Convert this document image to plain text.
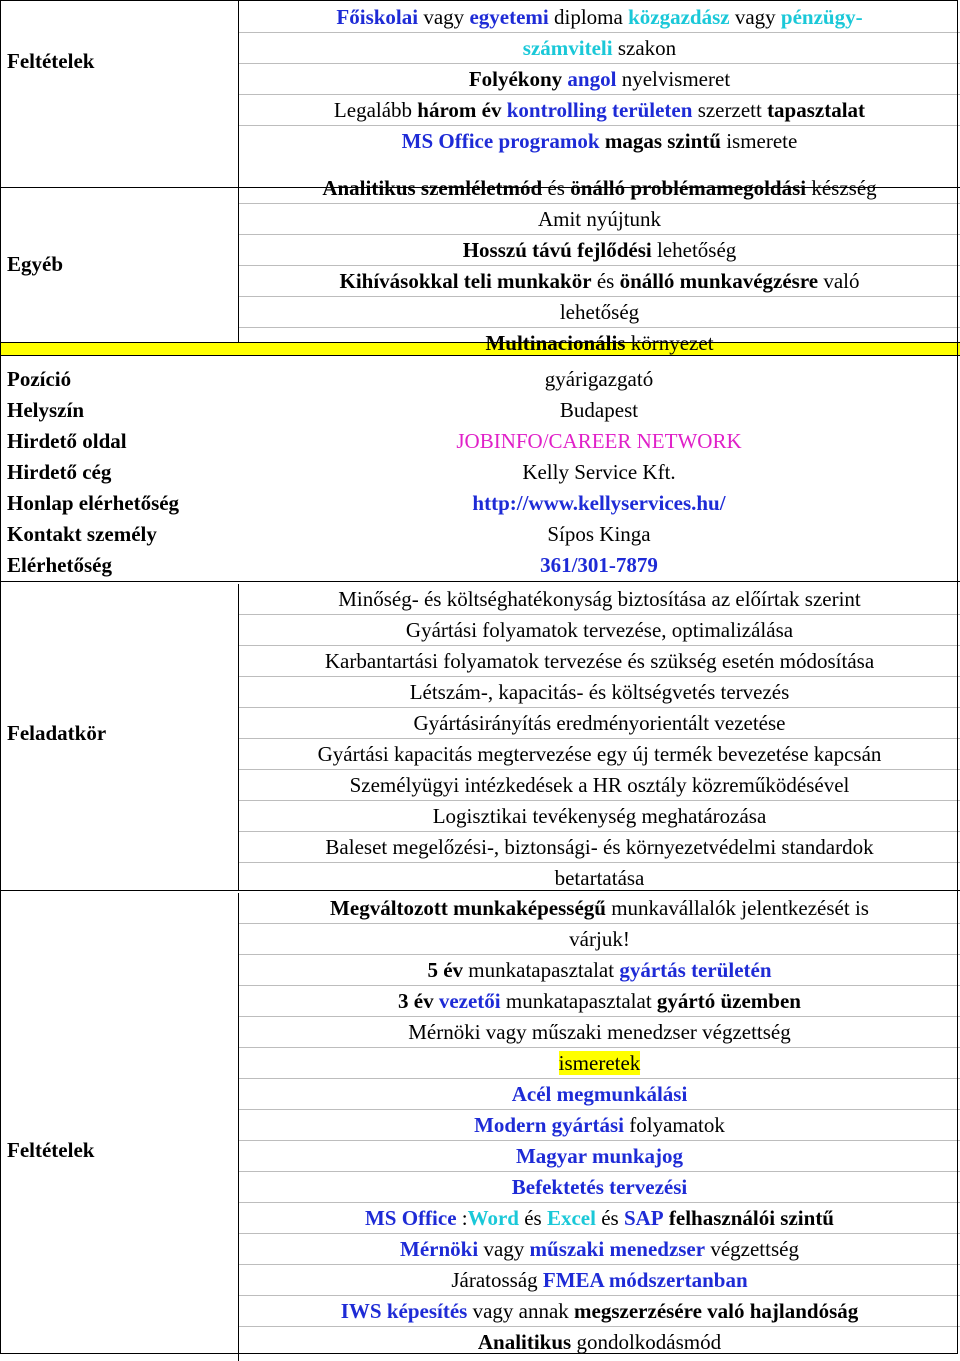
Feltételek
Főiskolai vagy egyetemi diploma közgazdász vagy pénzügy-
számviteli szakon
Folyékony angol nyelvismeret
Legalább három év kontrolling területen szerzett tapasztalat
MS Office programok magas szintű ismerete
Egyéb
Analitikus szemléletmód és önálló problémamegoldási készség
Amit nyújtunk
Hosszú távú fejlődési lehetőség
Kihívásokkal teli munkakör és önálló munkavégzésre való
lehetőség
Multinacionális környezet
Pozíció	gyárigazgató
Helyszín	Budapest
Hirdető oldal	JOBINFO/CAREER NETWORK
Hirdető cég	Kelly Service Kft.
Honlap elérhetőség	http://www.kellyservices.hu/
Kontakt személy	Sípos Kinga
Elérhetőség	361/301-7879
Feladatkör
Minőség- és költséghatékonyság biztosítása az előírtak szerint
Gyártási folyamatok tervezése, optimalizálása
Karbantartási folyamatok tervezése és szükség esetén módosítása
Létszám-, kapacitás- és költségvetés tervezés
Gyártásirányítás eredményorientált vezetése
Gyártási kapacitás megtervezése egy új termék bevezetése kapcsán
Személyügyi intézkedések a HR osztály közreműködésével
Logisztikai tevékenység meghatározása
Baleset megelőzési-, biztonsági- és környezetvédelmi standardok
betartatása
Feltételek
Megváltozott munkaképességű munkavállalók jelentkezését is
várjuk!
5 év munkatapasztalat gyártás területén
3 év vezetői munkatapasztalat gyártó üzemben
Mérnöki vagy műszaki menedzser végzettség
ismeretek
Acél megmunkálási
Modern gyártási folyamatok
Magyar munkajog
Befektetés tervezési
MS Office :Word és Excel és SAP felhasználói szintű
Mérnöki vagy műszaki menedzser végzettség
Járatosság FMEA módszertanban
IWS képesítés vagy annak megszerzésére való hajlandóság
Analitikus gondolkodásmód
